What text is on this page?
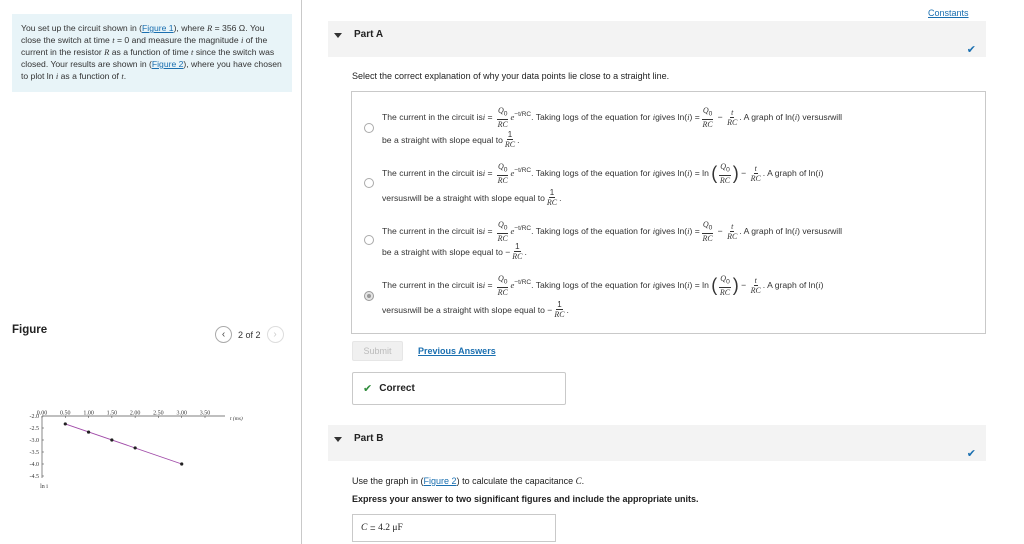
You set up the circuit shown in (Figure 1), where R = 356 Ω. You close the switch at time t = 0 and measure the magnitude i of the current in the resistor R as a function of time t since the switch was closed. Your results are shown in (Figure 2), where you have chosen to plot ln i as a function of t.
Figure	‹	2 of 2	›
0.00 0.50 1.00 1.50 2.00 2.50 3.00 3.50
t (ms)
-2.0
-2.5
-3.0
-3.5
-4.0
-4.5
ln i
Constants
Part A
✔
Select the correct explanation of why your data points lie close to a straight line.
The current in the circuit is $i = \frac{Q_0}{RC}$ e −t/RC . Taking logs of the equation for
i gives ln( i ) = $\frac{Q_0}{RC} - \frac{t}{RC}$ . A graph of ln( i ) versus t will
be a straight with slope equal to $\frac{1}{RC}$ .
The current in the circuit is $i = \frac{Q_0}{RC}$ e −t/RC . Taking logs of the equation for
i gives ln( i ) = ln
( $\frac{Q_0}{RC}$ ) − $\frac{t}{RC}$ . A graph of ln( i )
versus t will be a straight with slope equal to $\frac{1}{RC}$ .
The current in the circuit is $i = \frac{Q_0}{RC}$ e −t/RC . Taking logs of the equation for
i gives ln( i ) = $\frac{Q_0}{RC} - \frac{t}{RC}$ . A graph of ln( i ) versus t will
be a straight with slope equal to − $\frac{1}{RC}$ .
The current in the circuit is $i = \frac{Q_0}{RC}$ e −t/RC . Taking logs of the equation for
i gives ln( i ) = ln
( $\frac{Q_0}{RC}$ ) − $\frac{t}{RC}$ . A graph of ln( i )
versus t will be a straight with slope equal to − $\frac{1}{RC}$ .
Submit	Previous Answers
✔ Correct
Part B
✔
Use the graph in (Figure 2) to calculate the capacitance C.
Express your answer to two significant figures and include the appropriate units.
C = 4.2 μF
